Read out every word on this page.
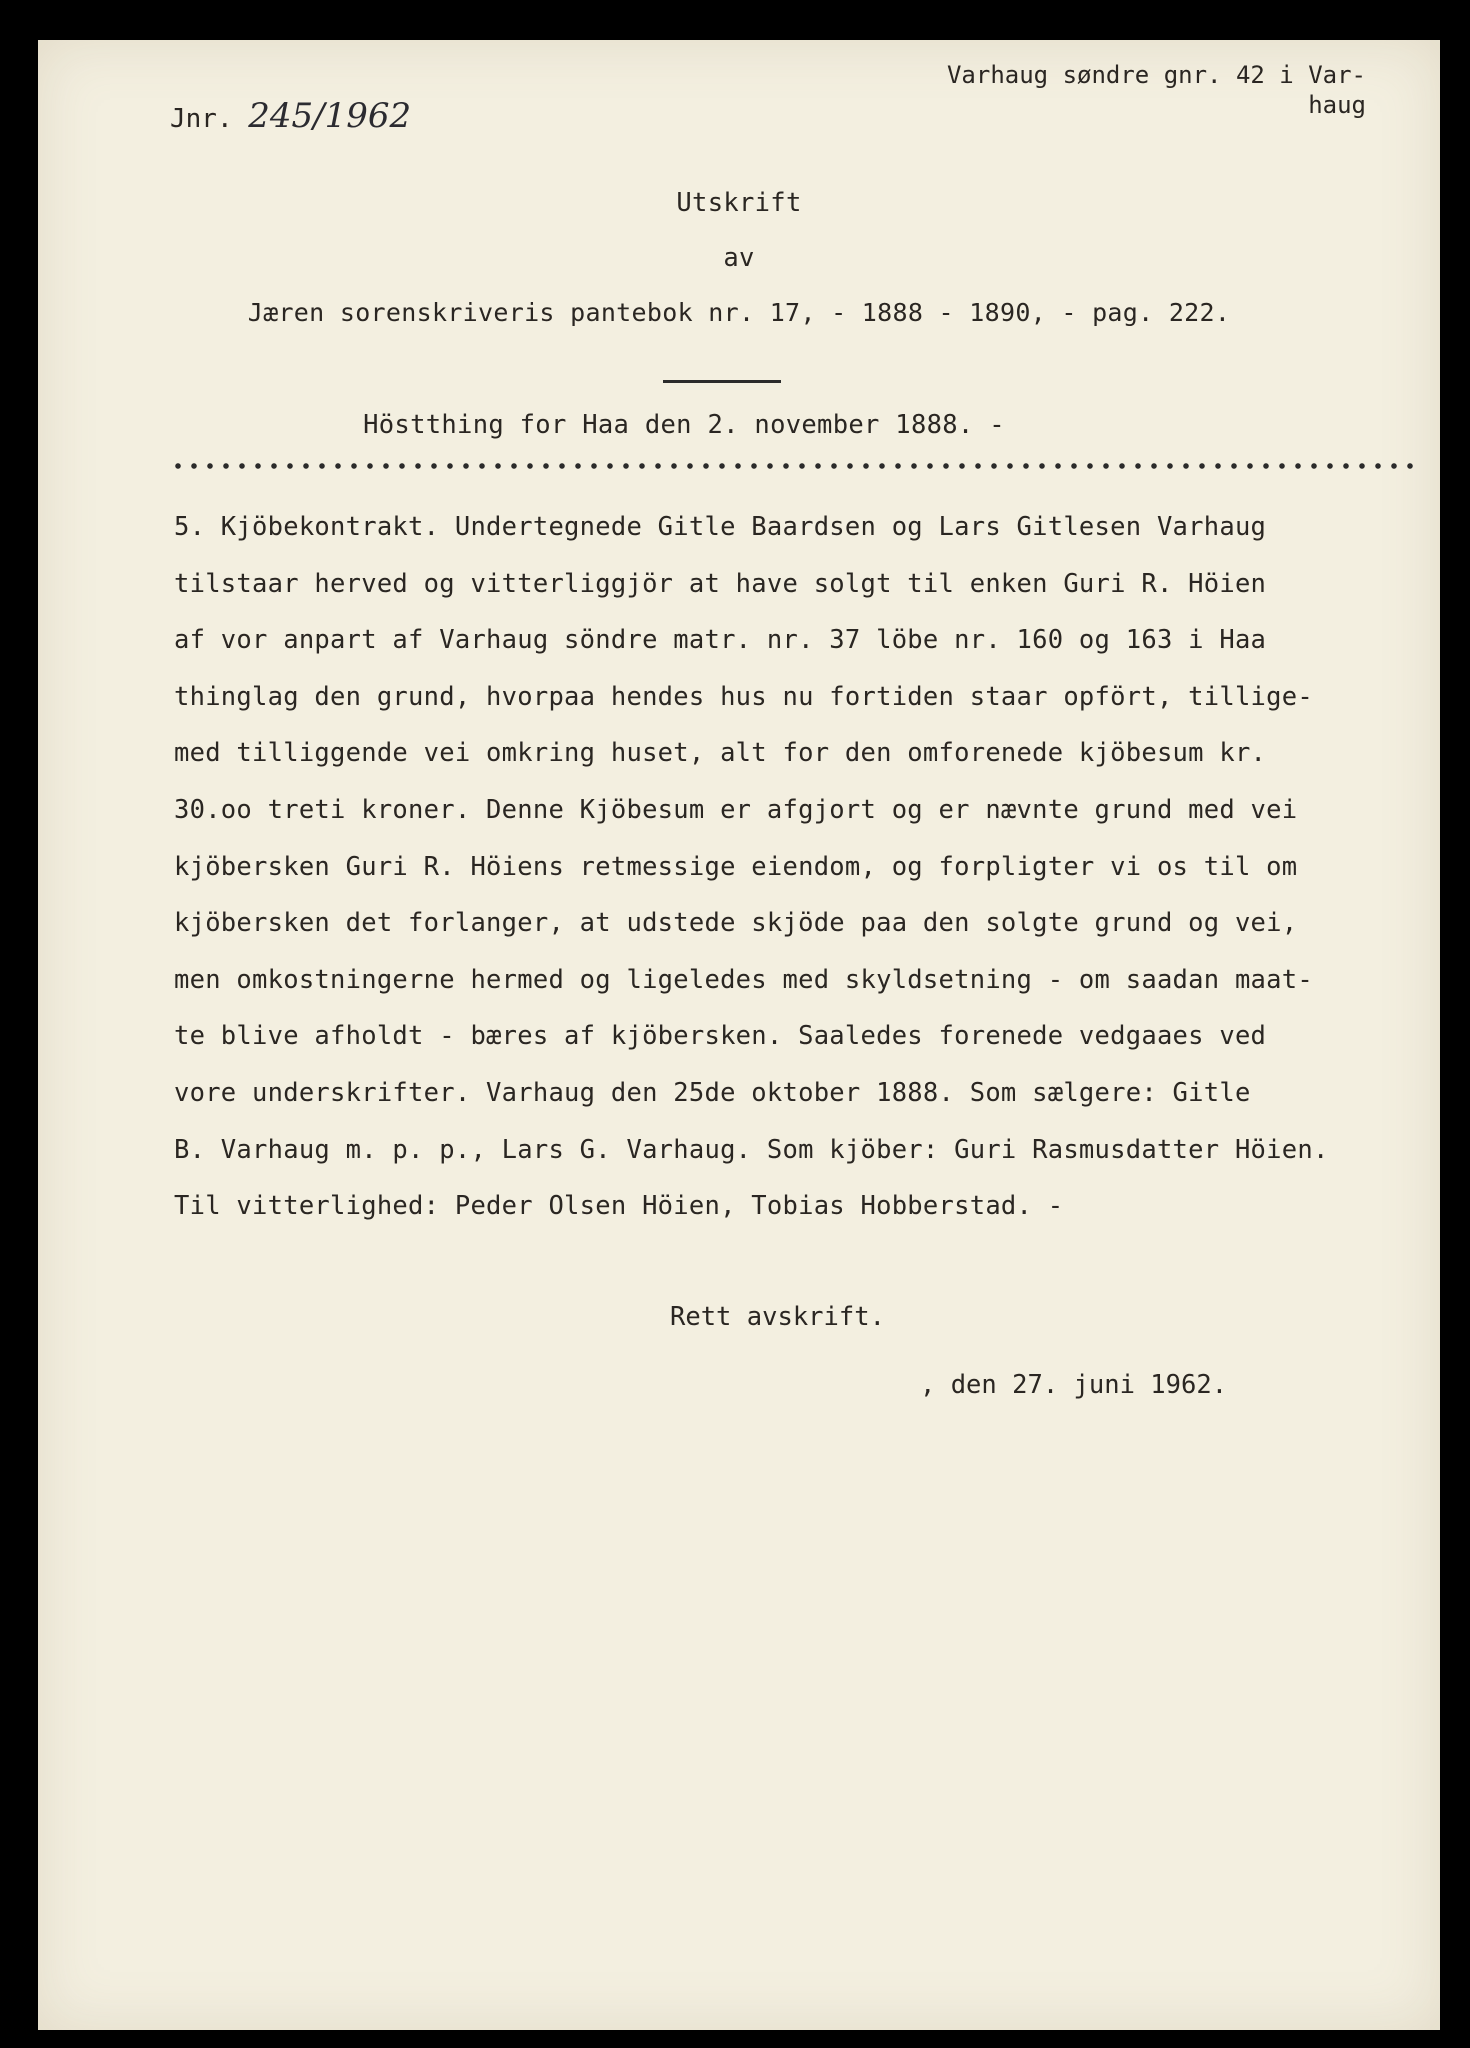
Varhaug søndre gnr. 42 i Var-
haug
Jnr. 245/1962
Utskrift
av
Jæren sorenskriveris pantebok nr. 17, - 1888 - 1890, - pag. 222.
Höstthing for Haa den 2. november 1888. -
5. Kjöbekontrakt. Undertegnede Gitle Baardsen og Lars Gitlesen Varhaug
tilstaar herved og vitterliggjör at have solgt til enken Guri R. Höien
af vor anpart af Varhaug söndre matr. nr. 37 löbe nr. 160 og 163 i Haa
thinglag den grund, hvorpaa hendes hus nu fortiden staar opfört, tillige-
med tilliggende vei omkring huset, alt for den omforenede kjöbesum kr.
30.oo treti kroner. Denne Kjöbesum er afgjort og er nævnte grund med vei
kjöbersken Guri R. Höiens retmessige eiendom, og forpligter vi os til om
kjöbersken det forlanger, at udstede skjöde paa den solgte grund og vei,
men omkostningerne hermed og ligeledes med skyldsetning - om saadan maat-
te blive afholdt - bæres af kjöbersken. Saaledes forenede vedgaaes ved
vore underskrifter. Varhaug den 25de oktober 1888. Som sælgere: Gitle
B. Varhaug m. p. p., Lars G. Varhaug. Som kjöber: Guri Rasmusdatter Höien.
Til vitterlighed: Peder Olsen Höien, Tobias Hobberstad. -
Rett avskrift.
, den 27. juni 1962.
